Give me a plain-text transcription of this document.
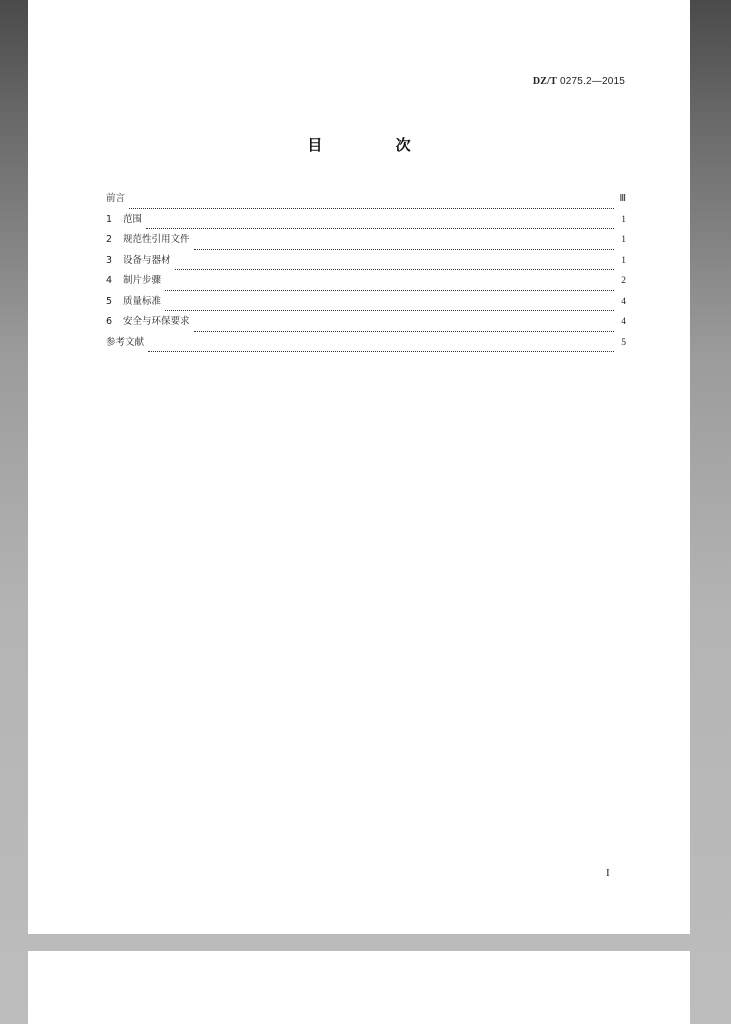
DZ/T 0275.2—2015
目 次
前言	Ⅲ
1	范围	1
2	规范性引用文件	1
3	设备与器材	1
4	制片步骤	2
5	质量标准	4
6	安全与环保要求	4
参考文献	5
I
